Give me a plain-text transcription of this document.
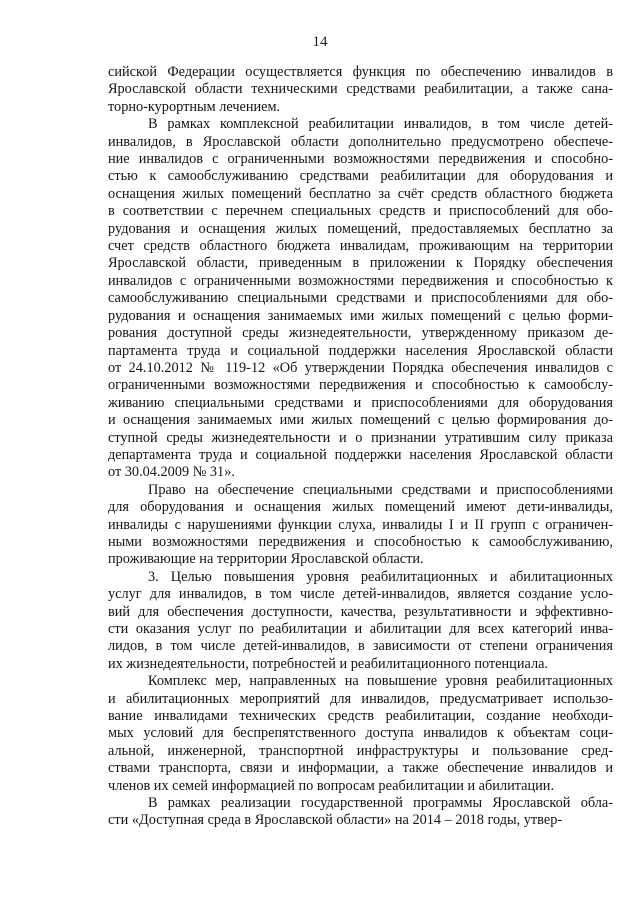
14
сийской Федерации осуществляется функция по обеспечению инвалидов в
Ярославской области техническими средствами реабилитации, а также сана-
торно-курортным лечением.
В рамках комплексной реабилитации инвалидов, в том числе детей-
инвалидов, в Ярославской области дополнительно предусмотрено обеспече-
ние инвалидов с ограниченными возможностями передвижения и способно-
стью к самообслуживанию средствами реабилитации для оборудования и
оснащения жилых помещений бесплатно за счёт средств областного бюджета
в соответствии с перечнем специальных средств и приспособлений для обо-
рудования и оснащения жилых помещений, предоставляемых бесплатно за
счет средств областного бюджета инвалидам, проживающим на территории
Ярославской области, приведенным в приложении к Порядку обеспечения
инвалидов с ограниченными возможностями передвижения и способностью к
самообслуживанию специальными средствами и приспособлениями для обо-
рудования и оснащения занимаемых ими жилых помещений с целью форми-
рования доступной среды жизнедеятельности, утвержденному приказом де-
партамента труда и социальной поддержки населения Ярославской области
от 24.10.2012 № 119-12 «Об утверждении Порядка обеспечения инвалидов с
ограниченными возможностями передвижения и способностью к самообслу-
живанию специальными средствами и приспособлениями для оборудования
и оснащения занимаемых ими жилых помещений с целью формирования до-
ступной среды жизнедеятельности и о признании утратившим силу приказа
департамента труда и социальной поддержки населения Ярославской области
от 30.04.2009 № 31».
Право на обеспечение специальными средствами и приспособлениями
для оборудования и оснащения жилых помещений имеют дети-инвалиды,
инвалиды с нарушениями функции слуха, инвалиды I и II групп с ограничен-
ными возможностями передвижения и способностью к самообслуживанию,
проживающие на территории Ярославской области.
3. Целью повышения уровня реабилитационных и абилитационных
услуг для инвалидов, в том числе детей-инвалидов, является создание усло-
вий для обеспечения доступности, качества, результативности и эффективно-
сти оказания услуг по реабилитации и абилитации для всех категорий инва-
лидов, в том числе детей-инвалидов, в зависимости от степени ограничения
их жизнедеятельности, потребностей и реабилитационного потенциала.
Комплекс мер, направленных на повышение уровня реабилитационных
и абилитационных мероприятий для инвалидов, предусматривает использо-
вание инвалидами технических средств реабилитации, создание необходи-
мых условий для беспрепятственного доступа инвалидов к объектам соци-
альной, инженерной, транспортной инфраструктуры и пользование сред-
ствами транспорта, связи и информации, а также обеспечение инвалидов и
членов их семей информацией по вопросам реабилитации и абилитации.
В рамках реализации государственной программы Ярославской обла-
сти «Доступная среда в Ярославской области» на 2014 – 2018 годы, утвер-
